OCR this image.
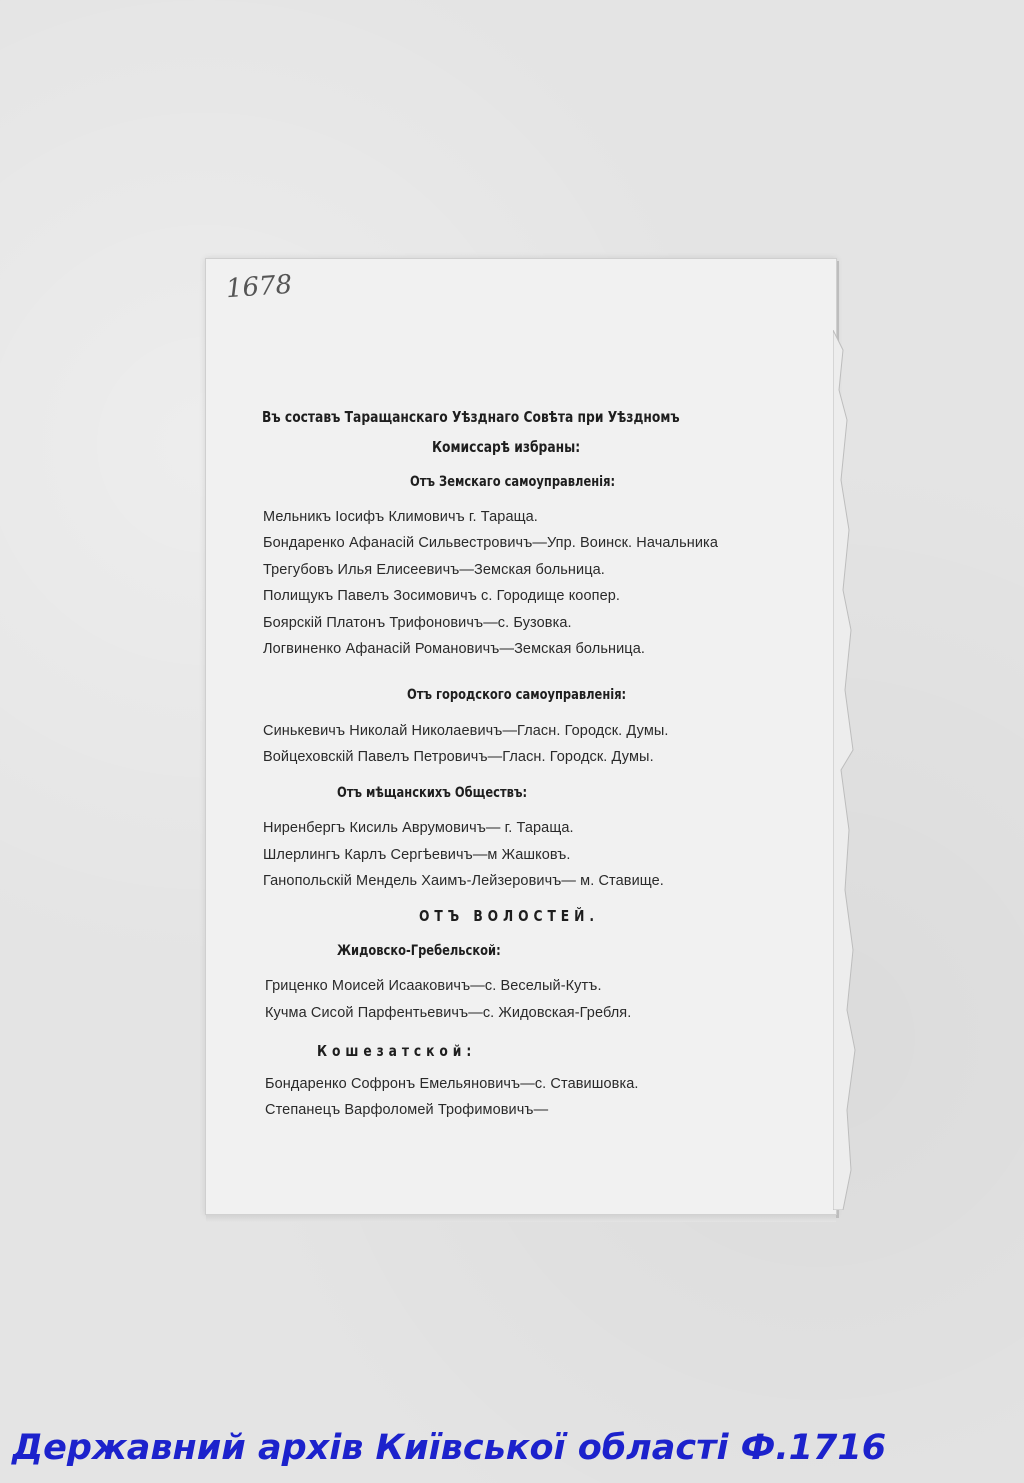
1678
Въ составъ Таращанскаго Уѣзднаго Совѣта при Уѣздномъ
Комиссарѣ избраны:
Отъ Земскаго самоуправленія:
Мельникъ Іосифъ Климовичъ г. Тараща.
Бондаренко Афанасій Сильвестровичъ—Упр. Воинск. Начальника
Трегубовъ Илья Елисеевичъ—Земская больница.
Полищукъ Павелъ Зосимовичъ с. Городище коопер.
Боярскій Платонъ Трифоновичъ—с. Бузовка.
Логвиненко Афанасій Романовичъ—Земская больница.
Отъ городского самоуправленія:
Синькевичъ Николай Николаевичъ—Гласн. Городск. Думы.
Войцеховскій Павелъ Петровичъ—Гласн. Городск. Думы.
Отъ мѣщанскихъ Обществъ:
Ниренбергъ Кисиль Аврумовичъ— г. Тараща.
Шлерлингъ Карлъ Сергѣевичъ—м Жашковъ.
Ганопольскій Мендель Хаимъ-Лейзеровичъ— м. Ставище.
ОТЪ ВОЛОСТЕЙ.
Жидовско-Гребельской:
Гриценко Моисей Исааковичъ—с. Веселый-Кутъ.
Кучма Сисой Парфентьевичъ—с. Жидовская-Гребля.
Кошезатской:
Бондаренко Софронъ Емельяновичъ—с. Ставишовка.
Степанецъ Варфоломей Трофимовичъ—
Державний архів Київської області Ф.1716
